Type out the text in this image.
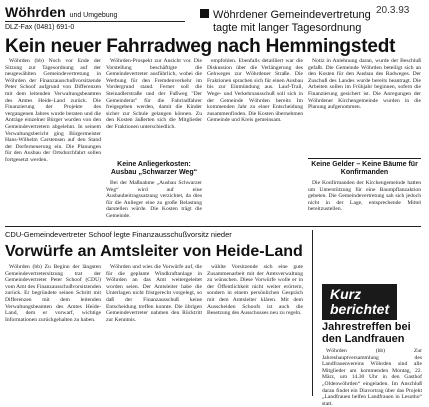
Wöhrden und Umgebung
DLZ-Fax (0481) 691-0
Wöhrdener Gemeindevertretung
tagte mit langer Tagesordnung
20.3.93
Kein neuer Fahrradweg nach Hemmingstedt

Wöhrden (bb) Noch vor Ende der Sitzung zur Tagesordnung auf der neugewählten Gemeindevertretung in Wöhrden der Finanzausschußvorsitzende Peter Schoof aufgrund von Differenzen mit dem leitenden Verwaltungsbeamten des Amtes Heide-Land zurück. Die Finanzierung der Projekte des vergangenen Jahres wurde beraten und die Anträge einzelner Bürger wurden von den Gemeindevertretern abgelehnt. In seinem Verwaltungsbericht ging Bürgermeister Hans-Wilhelm Carstensen auf den Stand der Dorferneuerung ein. Die Planungen für den Ausbau der Ortsdurchfahrt sollen fortgesetzt werden.

Wöhrden-Prospekt zur Ansicht vor. Die Vorstellung beschäftigte die Gemeindevertreter ausführlich, wobei die Werbung für den Fremdenverkehr im Vordergrund stand. Ferner soll die Steinadlerstraße und der Fußweg "Der Gemeinderat" für die Fahrradfahrer freigegeben werden, damit die Kinder sicher zur Schule gelangen können. Zu den Kosten äußerten sich die Mitglieder der Fraktionen unterschiedlich.

empfohlen. Ebenfalls detailliert war die Diskussion über die Verlängerung des Gehweges zur Wöhrdener Straße. Die Fraktionen sprachen sich für einen Ausbau bis zur Einmündung aus. Lauf-Trail, Wege- und Verkehrsausschuß soll sich in der Gemeinde Wöhrden bereits Im kommenden Jahr zu einer Entscheidung zusammenfinden. Die Kosten übernehmen Gemeinde und Kreis gemeinsam.

Notiz in Anlehnung daran, wurde der Beschluß gefaßt. Die Gemeinde Wöhrden beteiligt sich an den Kosten für den Ausbau des Radweges. Der Zuschuß des Landes wurde bereits beantragt. Die Arbeiten sollen im Frühjahr beginnen, sofern die Finanzierung gesichert ist. Die Anregungen der Wöhrdener Kirchengemeinde wurden in die Planung aufgenommen.

Keine Anliegerkosten: Ausbau „Schwarzer Weg“

Bei der Maßnahme „Ausbau Schwarzer Weg“ wird auf eine Ausbaubeitragssatzung verzichtet, da dies für die Anlieger eine zu große Belastung darstellen würde. Die Kosten trägt die Gemeinde.

Keine Gelder – Keine Bäume für Konfirmanden

Die Konfirmanden der Kirchengemeinde hatten um Unterstützung für eine Baumpflanzaktion gebeten. Die Gemeindevertretung sah sich jedoch nicht in der Lage, entsprechende Mittel bereitzustellen.

CDU-Gemeindevertreter Schoof legte Finanzausschußvorsitz nieder
Vorwürfe an Amtsleiter von Heide-Land

Wöhrden (bb) Zu Beginn der längsten Gemeindevertretersitzung trat der Gemeindevertreter Peter Schoof (CDU) vom Amt des Finanzausschußvorsitzenden zurück. Er begründete seinen Schritt mit Differenzen mit dem leitenden Verwaltungsbeamten des Amtes Heide-Land, dem er vorwarf, wichtige Informationen zurückgehalten zu haben.

Wöhrden und wies die Vorwürfe auf, die für die geplante Windkraftanlage in Wöhrden an das Amt weitergeleitet worden seien. Der Amtsleiter habe die Unterlagen nicht fristgerecht vorgelegt, so daß der Finanzausschuß keine Entscheidung treffen konnte. Die übrigen Gemeindevertreter nahmen den Rücktritt zur Kenntnis.

wählte Vorsitzende sich eine gute Zusammenarbeit mit der Amtsverwaltung zu wünschen. Diese Vorwürfe wolle er in der Öffentlichkeit nicht weiter erörtern, sondern in einem persönlichen Gespräch mit dem Amtsleiter klären. Mit dem Ausscheiden Schoofs ist auch die Besetzung des Ausschusses neu zu regeln.

Kurz
berichtet
Jahrestreffen bei den Landfrauen

Wöhrden (bb) Zur Jahreshauptversammlung des Landfrauenvereins Wöhrden sind alle Mitglieder am kommenden Montag, 22. März, um 14.30 Uhr in den Gasthof „Oldenwöhrden“ eingeladen. Im Anschluß daran findet ein Diavortrag über das Projekt „Landfrauen helfen Landfrauen in Lesotho“ statt.
